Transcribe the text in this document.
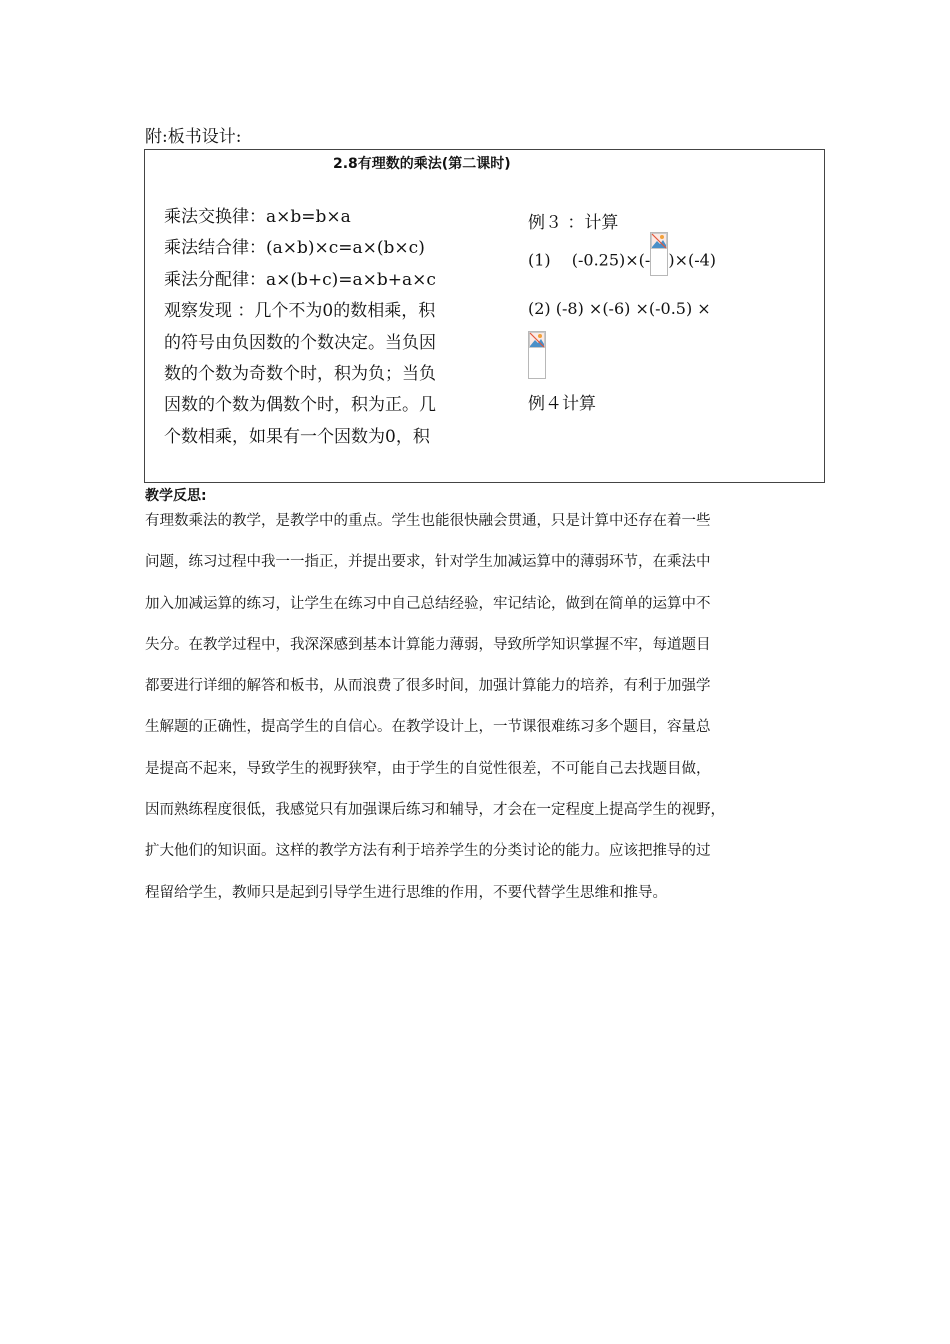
附:板书设计:
2.8有理数的乘法(第二课时)
乘法交换律：a×b=b×a
乘法结合律：(a×b)×c=a×(b×c)
乘法分配律：a×(b+c)=a×b+a×c
观察发现 ：几个不为0的数相乘，积
的符号由负因数的个数决定。当负因
数的个数为奇数个时，积为负；当负
因数的个数为偶数个时，积为正。几
个数相乘，如果有一个因数为0，积
例３ ：计算
(1)　 (-0.25)×(- )×(-4)
(2) (-8) ×(-6) ×(-0.5) ×
例４计算
教学反思:
有理数乘法的教学，是教学中的重点。学生也能很快融会贯通，只是计算中还存在着一些
问题，练习过程中我一一指正，并提出要求，针对学生加减运算中的薄弱环节，在乘法中
加入加减运算的练习，让学生在练习中自己总结经验，牢记结论，做到在简单的运算中不
失分。在教学过程中，我深深感到基本计算能力薄弱，导致所学知识掌握不牢，每道题目
都要进行详细的解答和板书，从而浪费了很多时间，加强计算能力的培养，有利于加强学
生解题的正确性，提高学生的自信心。在教学设计上，一节课很难练习多个题目，容量总
是提高不起来，导致学生的视野狭窄，由于学生的自觉性很差，不可能自己去找题目做，
因而熟练程度很低，我感觉只有加强课后练习和辅导，才会在一定程度上提高学生的视野，
扩大他们的知识面。这样的教学方法有利于培养学生的分类讨论的能力。应该把推导的过
程留给学生，教师只是起到引导学生进行思维的作用，不要代替学生思维和推导。
